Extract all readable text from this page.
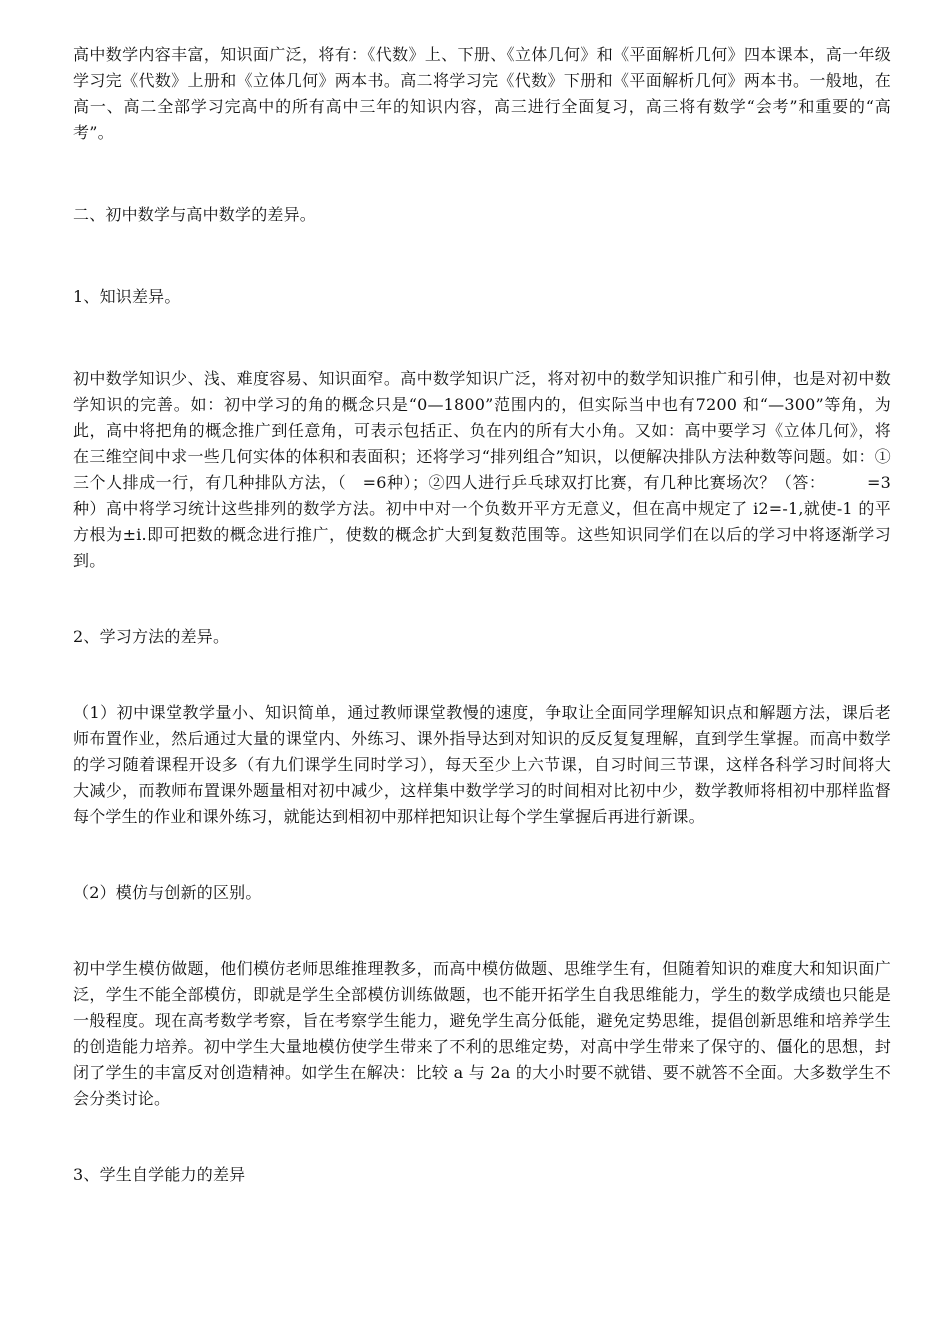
高中数学内容丰富，知识面广泛，将有：《代数》上、下册、《立体几何》和《平面解析几何》四本课本，高一年级学习完《代数》上册和《立体几何》两本书。高二将学习完《代数》下册和《平面解析几何》两本书。一般地，在高一、高二全部学习完高中的所有高中三年的知识内容，高三进行全面复习，高三将有数学“会考”和重要的“高考”。

二、初中数学与高中数学的差异。

1、知识差异。

初中数学知识少、浅、难度容易、知识面窄。高中数学知识广泛，将对初中的数学知识推广和引伸，也是对初中数学知识的完善。如：初中学习的角的概念只是“0—1800”范围内的，但实际当中也有7200 和“—300”等角，为此，高中将把角的概念推广到任意角，可表示包括正、负在内的所有大小角。又如：高中要学习《立体几何》，将在三维空间中求一些几何实体的体积和表面积；还将学习“排列组合”知识，以便解决排队方法种数等问题。如：①三个人排成一行，有几种排队方法，（　=6种）；②四人进行乒乓球双打比赛，有几种比赛场次？（答：　　　=3 种）高中将学习统计这些排列的数学方法。初中中对一个负数开平方无意义，但在高中规定了 i2=-1,就使-1 的平方根为±i.即可把数的概念进行推广，使数的概念扩大到复数范围等。这些知识同学们在以后的学习中将逐渐学习到。

2、学习方法的差异。

（1）初中课堂教学量小、知识简单，通过教师课堂教慢的速度，争取让全面同学理解知识点和解题方法，课后老师布置作业，然后通过大量的课堂内、外练习、课外指导达到对知识的反反复复理解，直到学生掌握。而高中数学的学习随着课程开设多（有九们课学生同时学习），每天至少上六节课，自习时间三节课，这样各科学习时间将大大减少，而教师布置课外题量相对初中减少，这样集中数学学习的时间相对比初中少，数学教师将相初中那样监督每个学生的作业和课外练习，就能达到相初中那样把知识让每个学生掌握后再进行新课。

（2）模仿与创新的区别。

初中学生模仿做题，他们模仿老师思维推理教多，而高中模仿做题、思维学生有，但随着知识的难度大和知识面广泛，学生不能全部模仿，即就是学生全部模仿训练做题，也不能开拓学生自我思维能力，学生的数学成绩也只能是一般程度。现在高考数学考察，旨在考察学生能力，避免学生高分低能，避免定势思维，提倡创新思维和培养学生的创造能力培养。初中学生大量地模仿使学生带来了不利的思维定势，对高中学生带来了保守的、僵化的思想，封闭了学生的丰富反对创造精神。如学生在解决：比较 a 与 2a 的大小时要不就错、要不就答不全面。大多数学生不会分类讨论。

3、学生自学能力的差异
